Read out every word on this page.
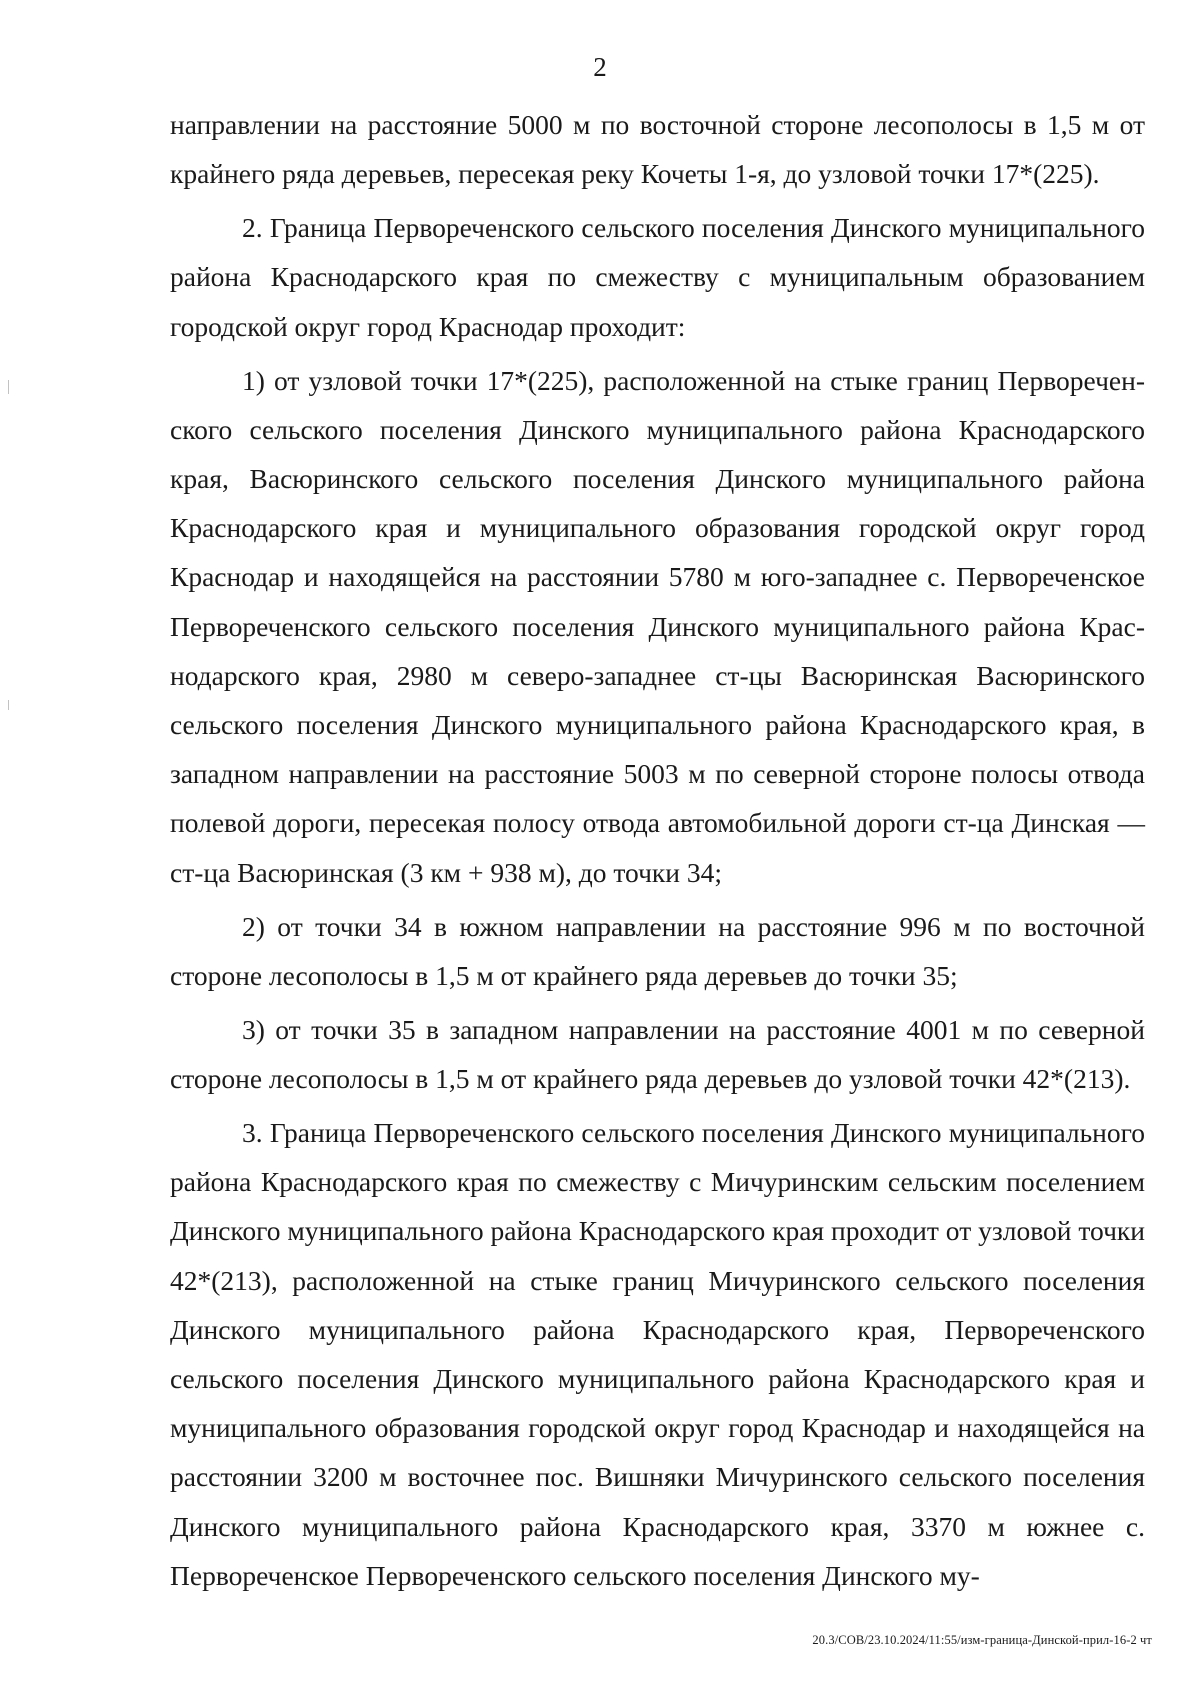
2

направлении на расстояние 5000 м по восточной стороне лесополосы в 1,5 м от крайнего ряда деревьев, пересекая реку Кочеты 1-я, до узловой точки 17*(225).

2. Граница Первореченского сельского поселения Динского муниципального района Краснодарского края по смежеству с муниципальным образованием городской округ город Краснодар проходит:

1) от узловой точки 17*(225), расположенной на стыке границ Первореченского сельского поселения Динского муниципального района Краснодарского края, Васюринского сельского поселения Динского муниципального района Краснодарского края и муниципального образования городской округ город Краснодар и находящейся на расстоянии 5780 м юго-западнее с. Первореченское Первореченского сельского поселения Динского муниципального района Краснодарского края, 2980 м северо-западнее ст-цы Васюринская Васюринского сельского поселения Динского муниципального района Краснодарского края, в западном направлении на расстояние 5003 м по северной стороне полосы отвода полевой дороги, пересекая полосу отвода автомобильной дороги ст-ца Динская — ст-ца Васюринская (3 км + 938 м), до точки 34;

2) от точки 34 в южном направлении на расстояние 996 м по восточной стороне лесополосы в 1,5 м от крайнего ряда деревьев до точки 35;

3) от точки 35 в западном направлении на расстояние 4001 м по северной стороне лесополосы в 1,5 м от крайнего ряда деревьев до узловой точки 42*(213).

3. Граница Первореченского сельского поселения Динского муниципального района Краснодарского края по смежеству с Мичуринским сельским поселением Динского муниципального района Краснодарского края проходит от узловой точки 42*(213), расположенной на стыке границ Мичуринского сельского поселения Динского муниципального района Краснодарского края, Первореченского сельского поселения Динского муниципального района Краснодарского края и муниципального образования городской округ город Краснодар и находящейся на расстоянии 3200 м восточнее пос. Вишняки Мичуринского сельского поселения Динского муниципального района Краснодарского края, 3370 м южнее с. Первореченское Первореченского сельского поселения Динского му-

20.3/СОВ/23.10.2024/11:55/изм-граница-Динской-прил-16-2 чт
